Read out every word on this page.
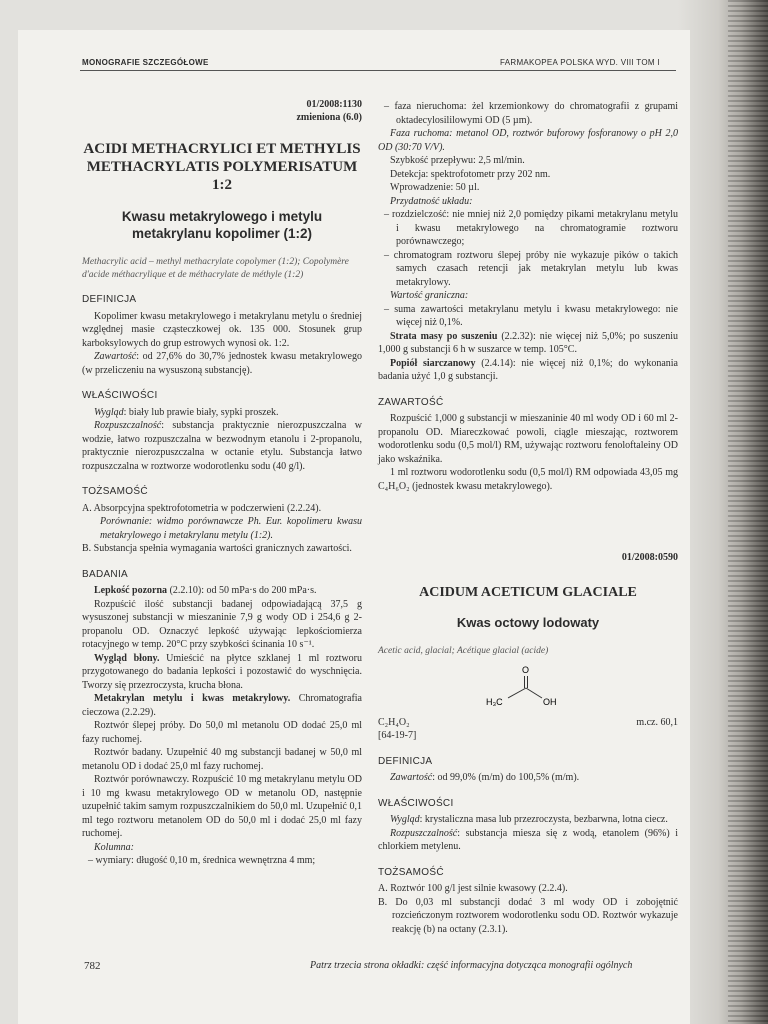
MONOGRAFIE SZCZEGÓŁOWE	FARMAKOPEA POLSKA WYD. VIII TOM I
01/2008:1130
zmieniona (6.0)
ACIDI METHACRYLICI ET METHYLIS METHACRYLATIS POLYMERISATUM 1:2
Kwasu metakrylowego i metylu metakrylanu kopolimer (1:2)
Methacrylic acid – methyl methacrylate copolymer (1:2); Copolymère d'acide méthacrylique et de méthacrylate de méthyle (1:2)
DEFINICJA

Kopolimer kwasu metakrylowego i metakrylanu metylu o średniej względnej masie cząsteczkowej ok. 135 000. Stosunek grup karboksylowych do grup estrowych wynosi ok. 1:2.

Zawartość: od 27,6% do 30,7% jednostek kwasu metakrylowego (w przeliczeniu na wysuszoną substancję).

WŁAŚCIWOŚCI

Wygląd: biały lub prawie biały, sypki proszek.

Rozpuszczalność: substancja praktycznie nierozpuszczalna w wodzie, łatwo rozpuszczalna w bezwodnym etanolu i 2-propanolu, praktycznie nierozpuszczalna w octanie etylu. Substancja łatwo rozpuszczalna w roztworze wodorotlenku sodu (40 g/l).

TOŻSAMOŚĆ

A. Absorpcyjna spektrofotometria w podczerwieni (2.2.24).

Porównanie: widmo porównawcze Ph. Eur. kopolimeru kwasu metakrylowego i metakrylanu metylu (1:2).

B. Substancja spełnia wymagania wartości granicznych zawartości.

BADANIA

Lepkość pozorna (2.2.10): od 50 mPa·s do 200 mPa·s.

Rozpuścić ilość substancji badanej odpowiadającą 37,5 g wysuszonej substancji w mieszaninie 7,9 g wody OD i 254,6 g 2-propanolu OD. Oznaczyć lepkość używając lepkościomierza rotacyjnego w temp. 20°C przy szybkości ścinania 10 s⁻¹.

Wygląd błony. Umieścić na płytce szklanej 1 ml roztworu przygotowanego do badania lepkości i pozostawić do wyschnięcia. Tworzy się przezroczysta, krucha błona.

Metakrylan metylu i kwas metakrylowy. Chromatografia cieczowa (2.2.29).

Roztwór ślepej próby. Do 50,0 ml metanolu OD dodać 25,0 ml fazy ruchomej.

Roztwór badany. Uzupełnić 40 mg substancji badanej w 50,0 ml metanolu OD i dodać 25,0 ml fazy ruchomej.

Roztwór porównawczy. Rozpuścić 10 mg metakrylanu metylu OD i 10 mg kwasu metakrylowego OD w metanolu OD, następnie uzupełnić takim samym rozpuszczalnikiem do 50,0 ml. Uzupełnić 0,1 ml tego roztworu metanolem OD do 50,0 ml i dodać 25,0 ml fazy ruchomej.

Kolumna:

– wymiary: długość 0,10 m, średnica wewnętrzna 4 mm;

– faza nieruchoma: żel krzemionkowy do chromatografii z grupami oktadecylosililowymi OD (5 µm).

Faza ruchoma: metanol OD, roztwór buforowy fosforanowy o pH 2,0 OD (30:70 V/V).

Szybkość przepływu: 2,5 ml/min.

Detekcja: spektrofotometr przy 202 nm.

Wprowadzenie: 50 µl.

Przydatność układu:

– rozdzielczość: nie mniej niż 2,0 pomiędzy pikami metakrylanu metylu i kwasu metakrylowego na chromatogramie roztworu porównawczego;

– chromatogram roztworu ślepej próby nie wykazuje pików o takich samych czasach retencji jak metakrylan metylu lub kwas metakrylowy.

Wartość graniczna:

– suma zawartości metakrylanu metylu i kwasu metakrylowego: nie więcej niż 0,1%.

Strata masy po suszeniu (2.2.32): nie więcej niż 5,0%; po suszeniu 1,000 g substancji 6 h w suszarce w temp. 105°C.

Popiół siarczanowy (2.4.14): nie więcej niż 0,1%; do wykonania badania użyć 1,0 g substancji.

ZAWARTOŚĆ

Rozpuścić 1,000 g substancji w mieszaninie 40 ml wody OD i 60 ml 2-propanolu OD. Miareczkować powoli, ciągle mieszając, roztworem wodorotlenku sodu (0,5 mol/l) RM, używając roztworu fenoloftaleiny OD jako wskaźnika.

1 ml roztworu wodorotlenku sodu (0,5 mol/l) RM odpowiada 43,05 mg C₄H₆O₂ (jednostek kwasu metakrylowego).

01/2008:0590
ACIDUM ACETICUM GLACIALE
Kwas octowy lodowaty
Acetic acid, glacial; Acétique glacial (acide)
O
H₃C	OH
C₂H₄O₂	m.cz. 60,1
[64-19-7]
DEFINICJA

Zawartość: od 99,0% (m/m) do 100,5% (m/m).

WŁAŚCIWOŚCI

Wygląd: krystaliczna masa lub przezroczysta, bezbarwna, lotna ciecz.

Rozpuszczalność: substancja miesza się z wodą, etanolem (96%) i chlorkiem metylenu.

TOŻSAMOŚĆ

A. Roztwór 100 g/l jest silnie kwasowy (2.2.4).

B. Do 0,03 ml substancji dodać 3 ml wody OD i zobojętnić rozcieńczonym roztworem wodorotlenku sodu OD. Roztwór wykazuje reakcję (b) na octany (2.3.1).

782	Patrz trzecia strona okładki: część informacyjna dotycząca monografii ogólnych
